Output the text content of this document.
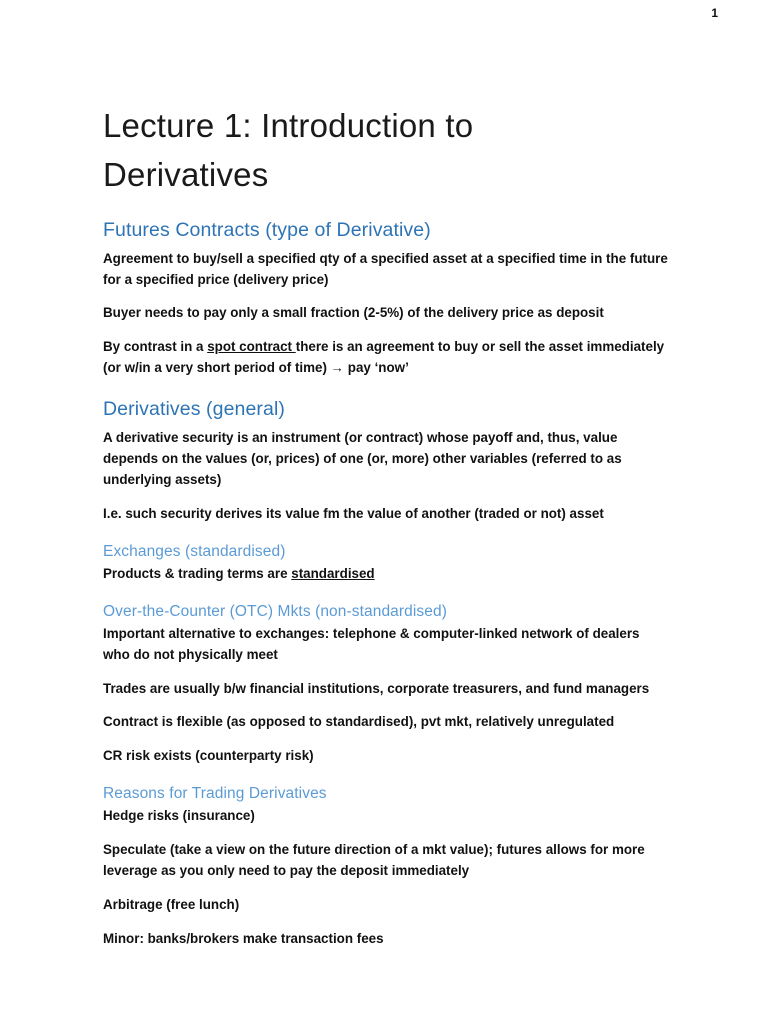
1
Lecture 1: Introduction to Derivatives
Futures Contracts (type of Derivative)

Agreement to buy/sell a specified qty of a specified asset at a specified time in the future for a specified price (delivery price)

Buyer needs to pay only a small fraction (2-5%) of the delivery price as deposit

By contrast in a spot contract there is an agreement to buy or sell the asset immediately (or w/in a very short period of time) → pay ‘now’

Derivatives (general)

A derivative security is an instrument (or contract) whose payoff and, thus, value depends on the values (or, prices) of one (or, more) other variables (referred to as underlying assets)

I.e. such security derives its value fm the value of another (traded or not) asset

Exchanges (standardised)

Products & trading terms are standardised

Over-the-Counter (OTC) Mkts (non-standardised)

Important alternative to exchanges: telephone & computer-linked network of dealers who do not physically meet

Trades are usually b/w financial institutions, corporate treasurers, and fund managers

Contract is flexible (as opposed to standardised), pvt mkt, relatively unregulated

CR risk exists (counterparty risk)

Reasons for Trading Derivatives

Hedge risks (insurance)

Speculate (take a view on the future direction of a mkt value); futures allows for more leverage as you only need to pay the deposit immediately

Arbitrage (free lunch)

Minor: banks/brokers make transaction fees
